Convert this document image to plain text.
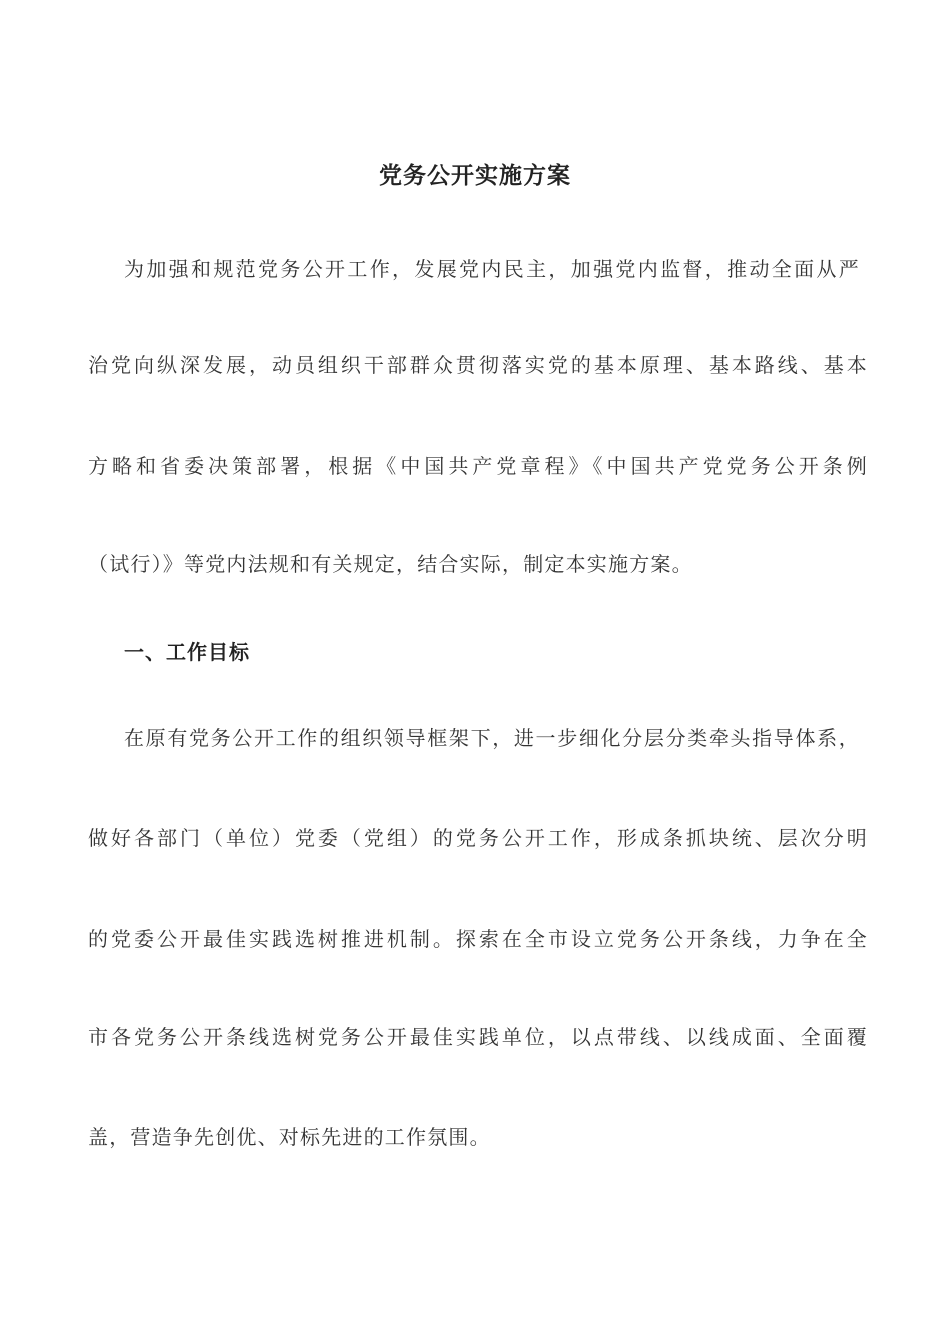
党务公开实施方案
为加强和规范党务公开工作，发展党内民主，加强党内监督，推动全面从严
治党向纵深发展，动员组织干部群众贯彻落实党的基本原理、基本路线、基本
方略和省委决策部署，根据《中国共产党章程》《中国共产党党务公开条例
（试行）》等党内法规和有关规定，结合实际，制定本实施方案。
一、工作目标
在原有党务公开工作的组织领导框架下，进一步细化分层分类牵头指导体系，
做好各部门（单位）党委（党组）的党务公开工作，形成条抓块统、层次分明
的党委公开最佳实践选树推进机制。探索在全市设立党务公开条线，力争在全
市各党务公开条线选树党务公开最佳实践单位，以点带线、以线成面、全面覆
盖，营造争先创优、对标先进的工作氛围。
